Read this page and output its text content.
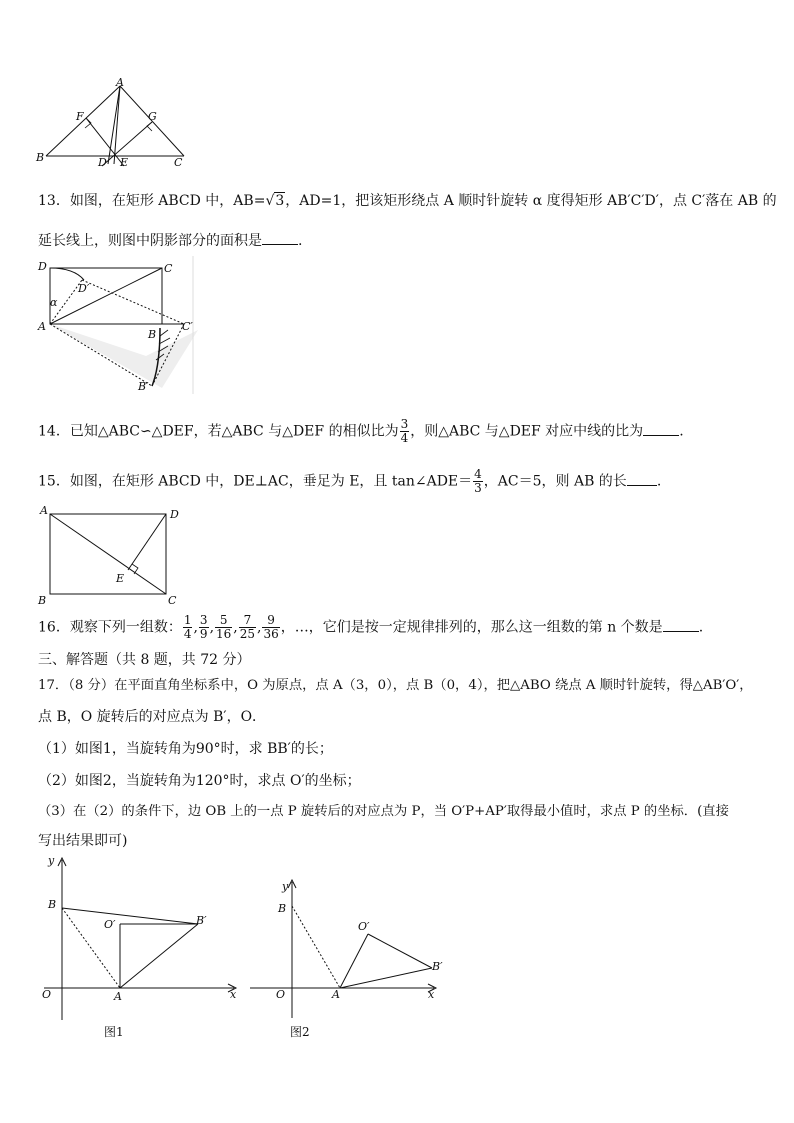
A
F	G
B	D E	C
13．如图，在矩形 ABCD 中，AB=√3，AD=1，把该矩形绕点 A 顺时针旋转 α 度得矩形 AB′C′D′，点 C′落在 AB 的
延长线上，则图中阴影部分的面积是	.
D	C
D′
α
A
B
C′
B′
14．已知△ABC∽△DEF，若△ABC 与△DEF 的相似比为 $\frac{3}{4}$ ，则△ABC 与△DEF 对应中线的比为	.
15．如图，在矩形 ABCD 中，DE⊥AC，垂足为 E，且 tan∠ADE＝ $\frac{4}{3}$ ，AC＝5，则 AB 的长 .
A	D
E
B	C
16．观察下列一组数： $\frac{1}{4}$ , $\frac{3}{9}$ , $\frac{5}{16}$ , $\frac{7}{25}$ , $\frac{9}{36}$ ，…，它们是按一定规律排列的，那么这一组数的第 n 个数是	.
三、解答题（共 8 题，共 72 分）
17．（8 分）在平面直角坐标系中，O 为原点，点 A（3，0），点 B（0，4），把△ABO 绕点 A 顺时针旋转，得△AB′O′，
点 B，O 旋转后的对应点为 B′，O．
（1）如图1，当旋转角为90°时，求 BB′的长；
（2）如图2，当旋转角为120°时，求点 O′的坐标；
（3）在（2）的条件下，边 OB 上的一点 P 旋转后的对应点为 P，当 O′P+AP′取得最小值时，求点 P 的坐标．(直接
写出结果即可)
y
B
O′	B′
O	A	x
图1
y
B
O′
B′
O	A	x
图2
